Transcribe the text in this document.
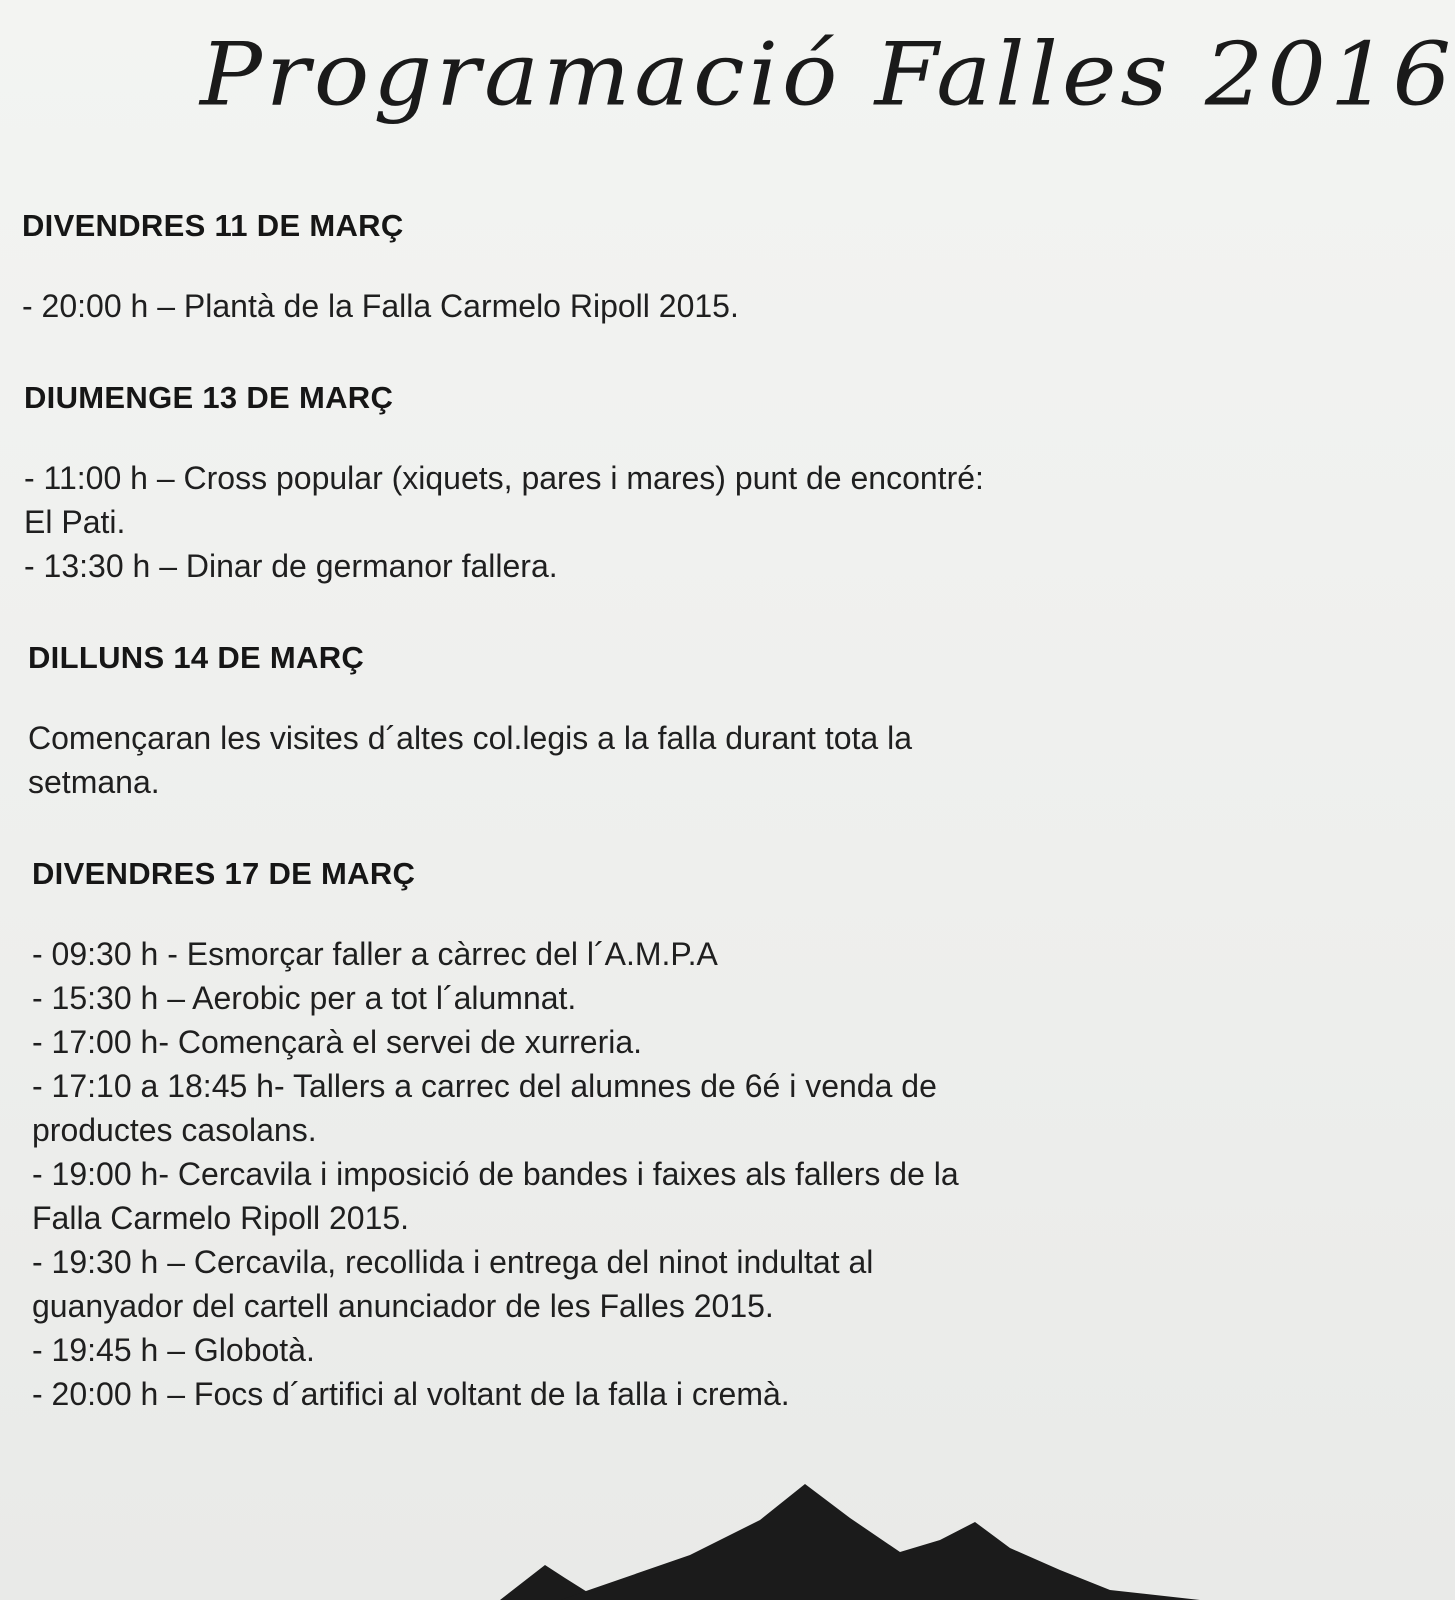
Programació Falles 2016
DIVENDRES 11 DE MARÇ

- 20:00 h – Plantà de la Falla Carmelo Ripoll 2015.

DIUMENGE 13 DE MARÇ

- 11:00 h – Cross popular (xiquets, pares i mares) punt de encontré:

El Pati.

- 13:30 h – Dinar de germanor fallera.

DILLUNS 14 DE MARÇ

Començaran les visites d´altes col.legis a la falla durant tota la

setmana.

DIVENDRES 17 DE MARÇ

- 09:30 h - Esmorçar faller a càrrec del l´A.M.P.A

- 15:30 h – Aerobic per a tot l´alumnat.

- 17:00 h- Començarà el servei de xurreria.

- 17:10 a 18:45 h- Tallers a carrec del alumnes de 6é i venda de

productes casolans.

- 19:00 h- Cercavila i imposició de bandes i faixes als fallers de la

Falla Carmelo Ripoll 2015.

- 19:30 h – Cercavila, recollida i entrega del ninot indultat al

guanyador del cartell anunciador de les Falles 2015.

- 19:45 h – Globotà.

- 20:00 h – Focs d´artifici al voltant de la falla i cremà.
